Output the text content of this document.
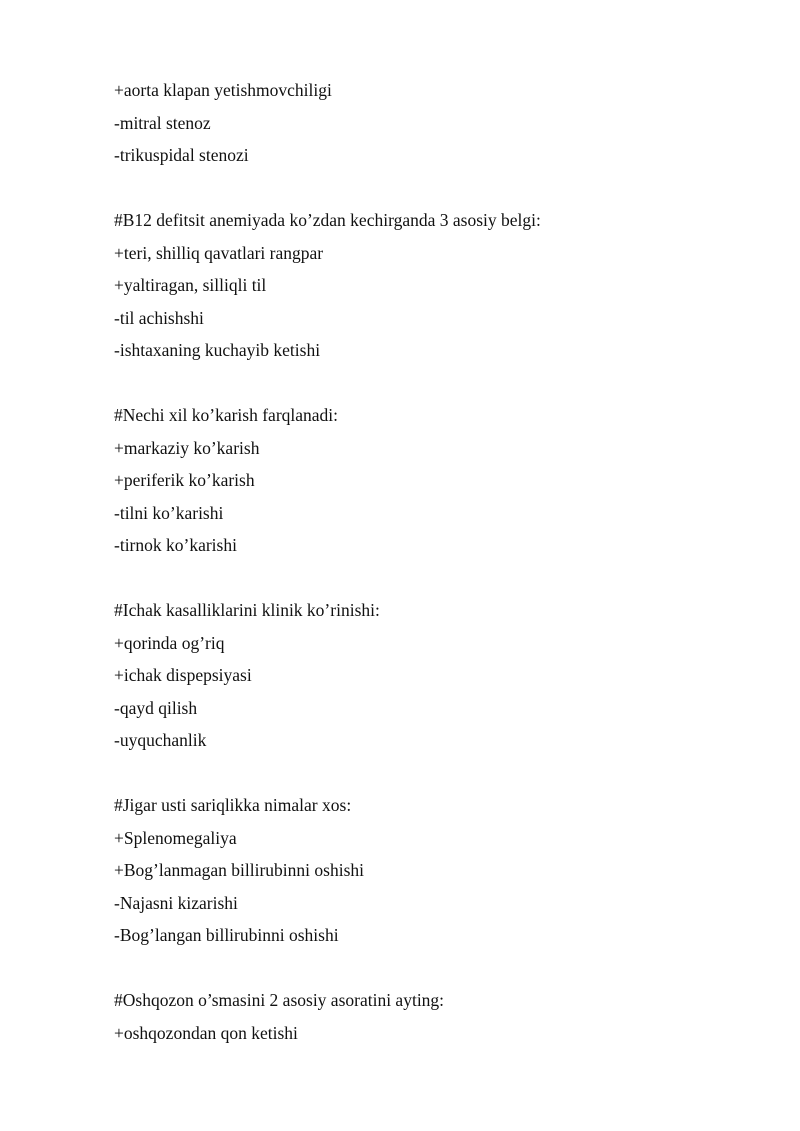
+aorta klapan yetishmovchiligi
-mitral stenoz
-trikuspidal stenozi
#B12 defitsit anemiyada ko’zdan kechirganda 3 asosiy belgi:
+teri, shilliq qavatlari rangpar
+yaltiragan, silliqli til
-til achishshi
-ishtaxaning kuchayib ketishi
#Nechi xil ko’karish farqlanadi:
+markaziy ko’karish
+periferik ko’karish
-tilni ko’karishi
-tirnok ko’karishi
#Ichak kasalliklarini klinik ko’rinishi:
+qorinda og’riq
+ichak dispepsiyasi
-qayd qilish
-uyquchanlik
#Jigar usti sariqlikka nimalar xos:
+Splenomegaliya
+Bog’lanmagan billirubinni oshishi
-Najasni kizarishi
-Bog’langan billirubinni oshishi
#Oshqozon o’smasini 2 asosiy asoratini ayting:
+oshqozondan qon ketishi
